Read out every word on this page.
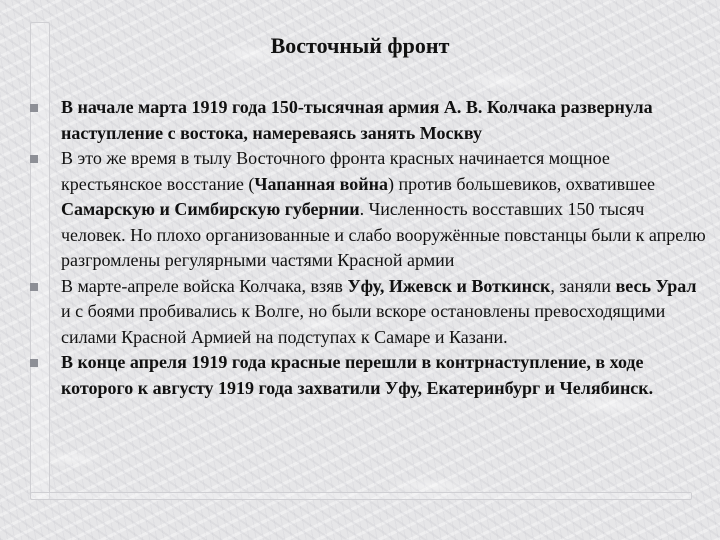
Восточный фронт
В начале марта 1919 года 150-тысячная армия А. В. Колчака развернула наступление с востока, намереваясь занять Москву
В это же время в тылу Восточного фронта красных начинается мощное крестьянское восстание (Чапанная война) против большевиков, охватившее Самарскую и Симбирскую губернии. Численность восставших 150 тысяч человек. Но плохо организованные и слабо вооружённые повстанцы были к апрелю разгромлены регулярными частями Красной армии
В марте-апреле войска Колчака, взяв Уфу, Ижевск и Воткинск, заняли весь Урал и с боями пробивались к Волге, но были вскоре остановлены превосходящими силами Красной Армией на подступах к Самаре и Казани.
В конце апреля 1919 года красные перешли в контрнаступление, в ходе которого к августу 1919 года захватили Уфу, Екатеринбург и Челябинск.
